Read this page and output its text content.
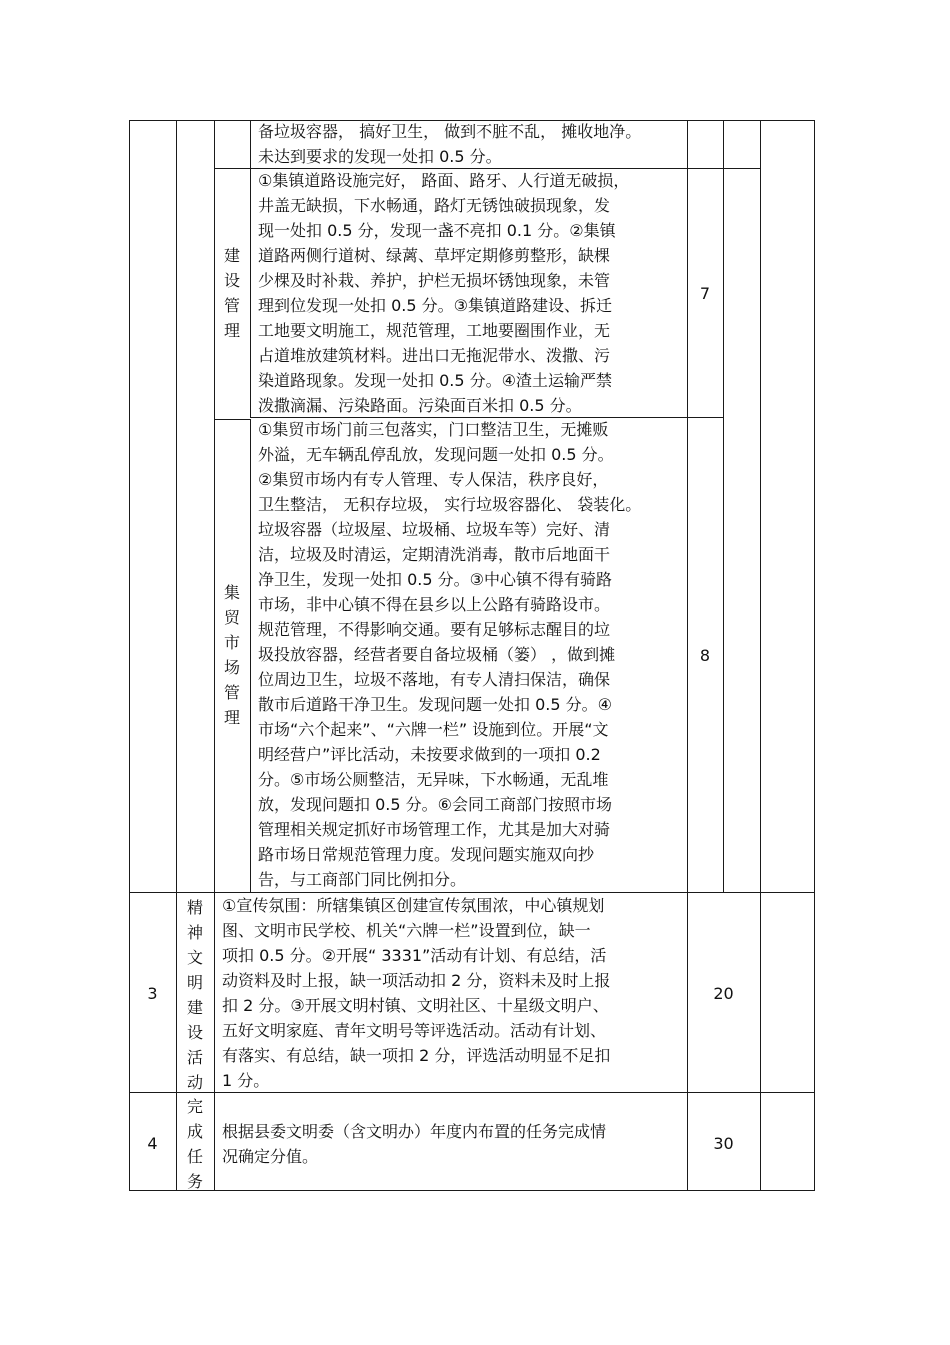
备垃圾容器， 搞好卫生， 做到不脏不乱， 摊收地净。
未达到要求的发现一处扣 0.5 分。
建设管理
①集镇道路设施完好， 路面、路牙、人行道无破损，
井盖无缺损，下水畅通，路灯无锈蚀破损现象，发
现一处扣 0.5 分，发现一盏不亮扣 0.1 分。②集镇
道路两侧行道树、绿蓠、草坪定期修剪整形，缺棵
少棵及时补栽、养护，护栏无损坏锈蚀现象，未管
理到位发现一处扣 0.5 分。③集镇道路建设、拆迁
工地要文明施工，规范管理，工地要圈围作业，无
占道堆放建筑材料。进出口无拖泥带水、泼撒、污
染道路现象。发现一处扣 0.5 分。④渣土运输严禁
泼撒滴漏、污染路面。污染面百米扣 0.5 分。
7
集贸市场管理
①集贸市场门前三包落实，门口整洁卫生，无摊贩
外溢，无车辆乱停乱放，发现问题一处扣 0.5 分。
②集贸市场内有专人管理、专人保洁，秩序良好，
卫生整洁， 无积存垃圾， 实行垃圾容器化、 袋装化。
垃圾容器（垃圾屋、垃圾桶、垃圾车等）完好、清
洁，垃圾及时清运，定期清洗消毒，散市后地面干
净卫生，发现一处扣 0.5 分。③中心镇不得有骑路
市场，非中心镇不得在县乡以上公路有骑路设市。
规范管理，不得影响交通。要有足够标志醒目的垃
圾投放容器，经营者要自备垃圾桶（篓） ，做到摊
位周边卫生，垃圾不落地，有专人清扫保洁，确保
散市后道路干净卫生。发现问题一处扣 0.5 分。④
市场“六个起来”、“六牌一栏” 设施到位。开展“文
明经营户”评比活动，未按要求做到的一项扣 0.2
分。⑤市场公厕整洁，无异味，下水畅通，无乱堆
放，发现问题扣 0.5 分。⑥会同工商部门按照市场
管理相关规定抓好市场管理工作，尤其是加大对骑
路市场日常规范管理力度。发现问题实施双向抄
告，与工商部门同比例扣分。
8
3
精神文明建设活动
①宣传氛围：所辖集镇区创建宣传氛围浓，中心镇规划
图、文明市民学校、机关“六牌一栏”设置到位，缺一
项扣 0.5 分。②开展“ 3331”活动有计划、有总结，活
动资料及时上报，缺一项活动扣 2 分，资料未及时上报
扣 2 分。③开展文明村镇、文明社区、十星级文明户、
五好文明家庭、青年文明号等评选活动。活动有计划、
有落实、有总结，缺一项扣 2 分，评选活动明显不足扣
1 分。
20
4
完成任务
根据县委文明委（含文明办）年度内布置的任务完成情
况确定分值。
30
